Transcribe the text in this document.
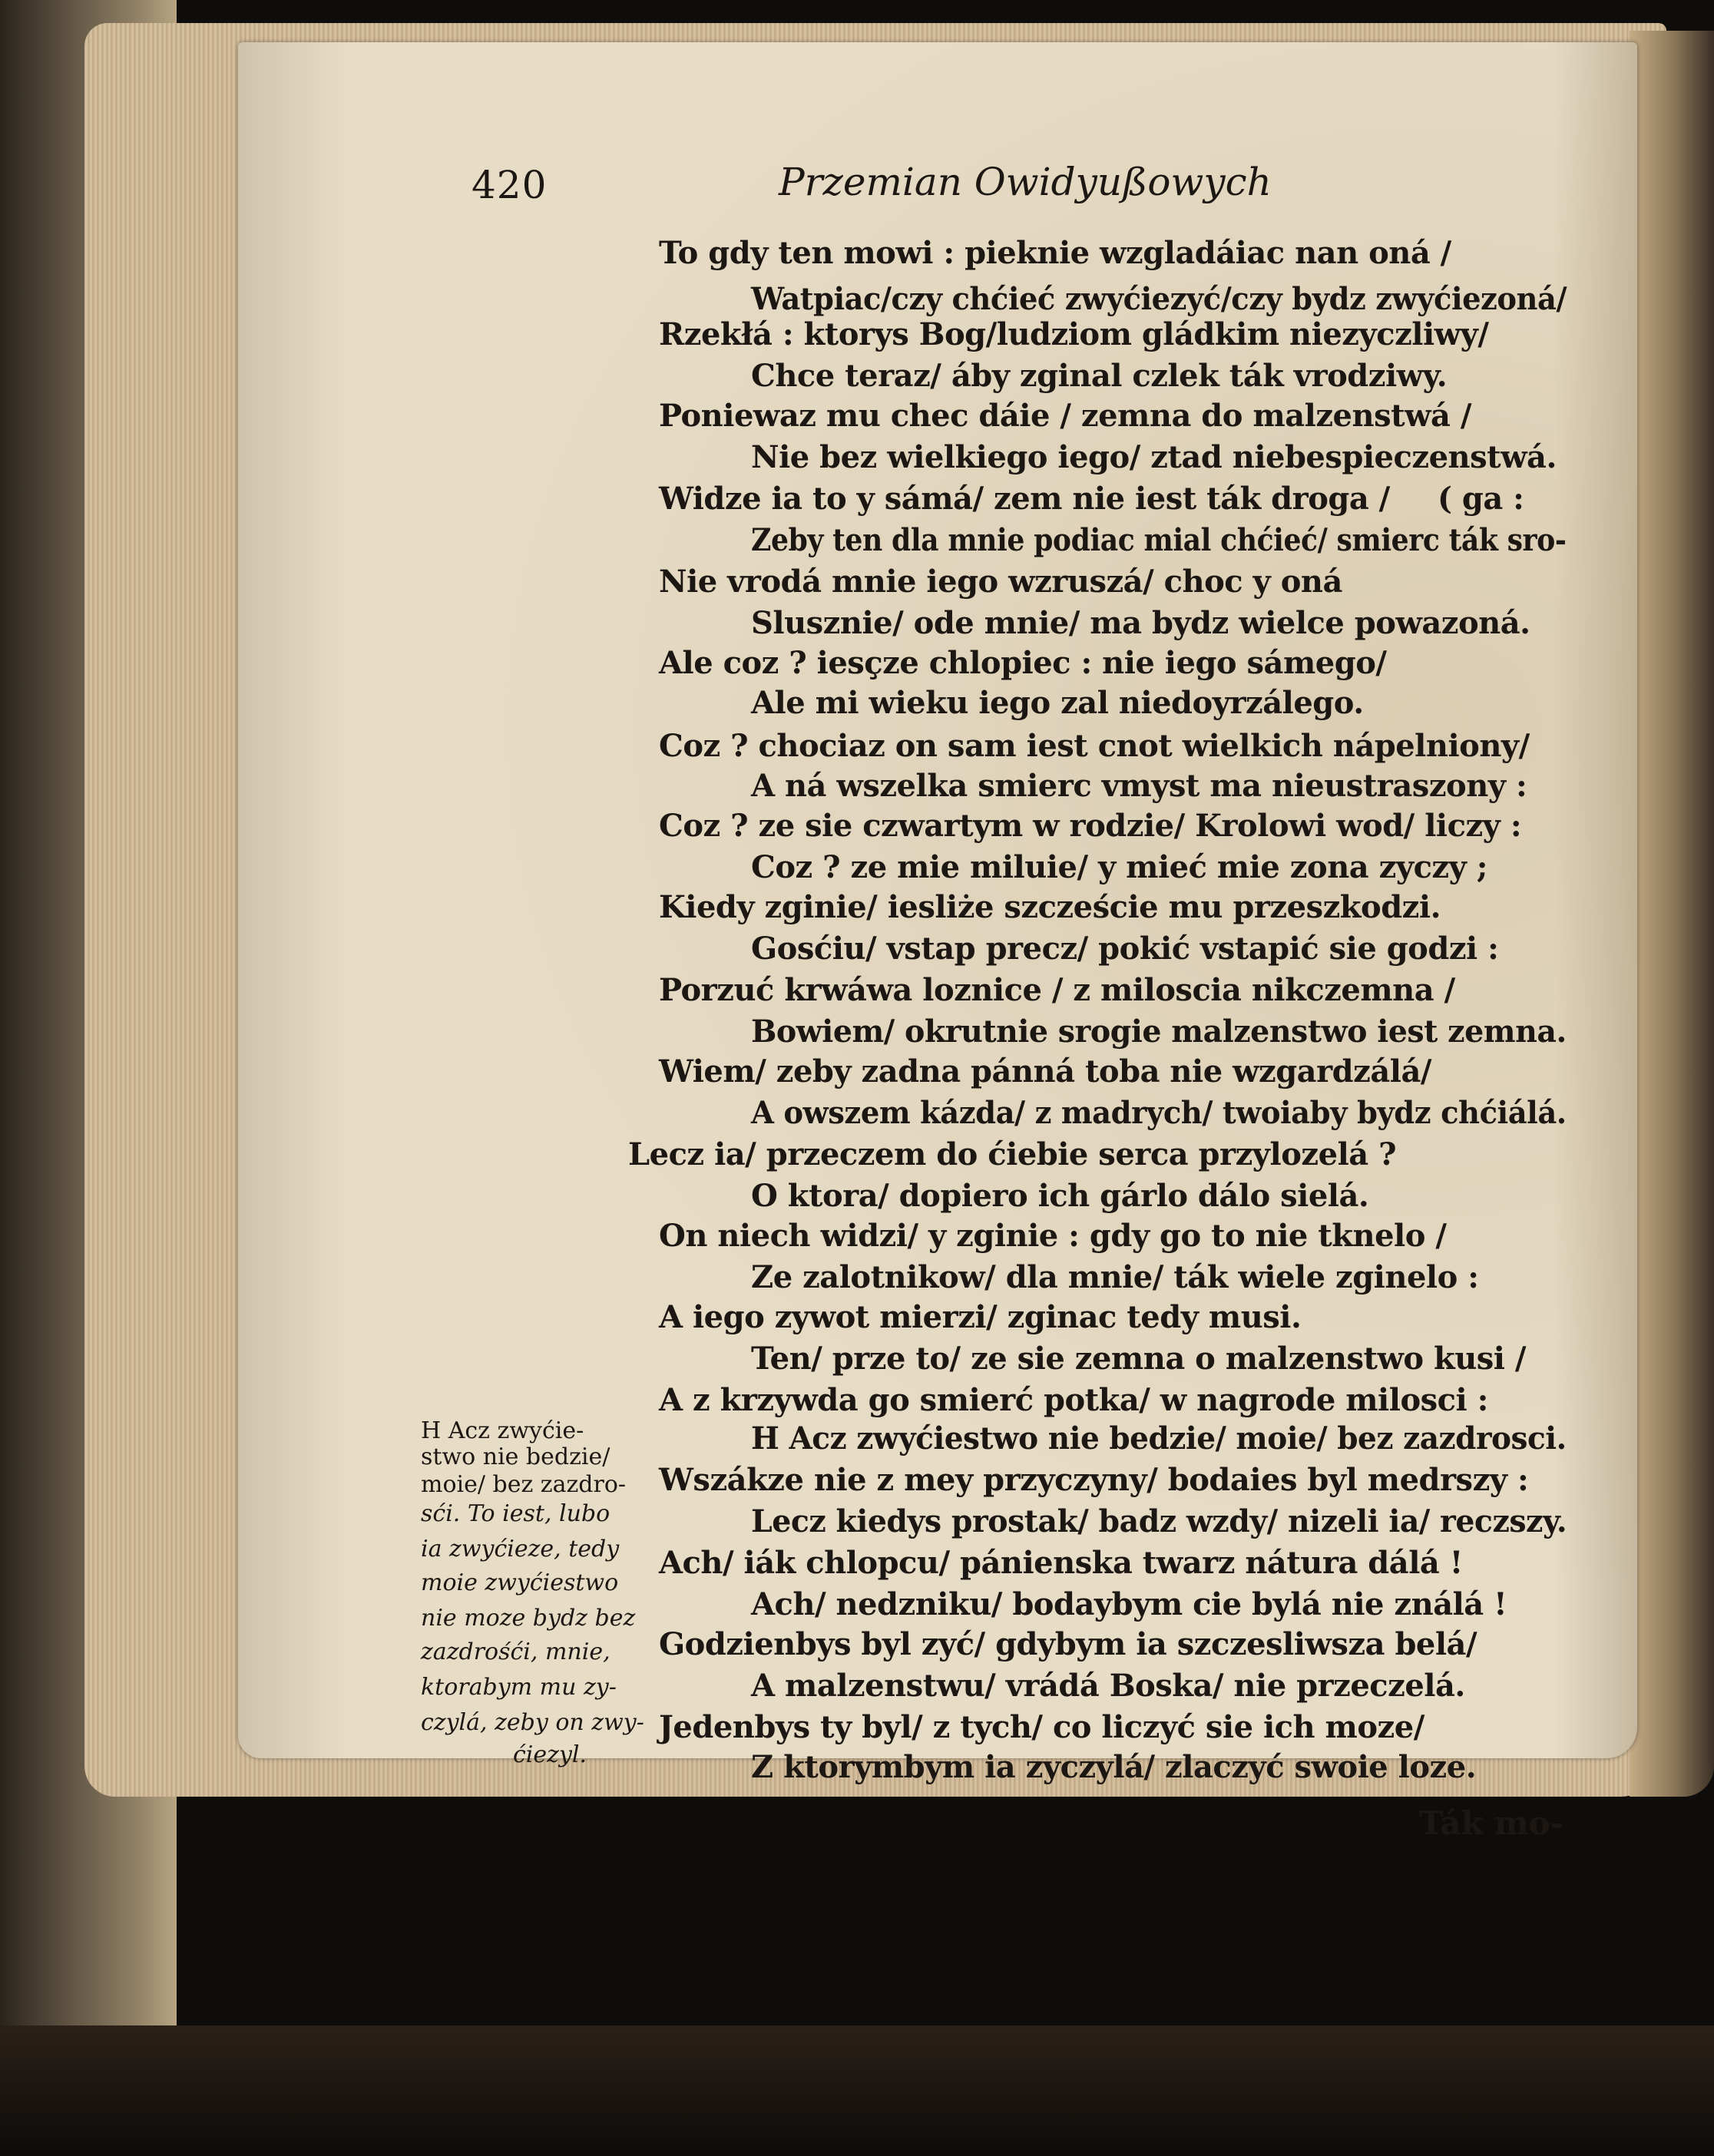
420	Przemian Owidyußowych

To gdy ten mowi : pieknie wzgladáiac nan oná /

Watpiac/czy chćieć zwyćiezyć/czy bydz zwyćiezoná/

Rzekłá : ktorys Bog/ludziom gládkim niezyczliwy/

Chce teraz/ áby zginal czlek ták vrodziwy.

Poniewaz mu chec dáie / zemna do malzenstwá /

Nie bez wielkiego iego/ ztad niebespieczenstwá.

Widze ia to y sámá/ zem nie iest ták droga / ( ga :

Zeby ten dla mnie podiac mial chćieć/ smierc ták sro-

Nie vrodá mnie iego wzruszá/ choc y oná

Slusznie/ ode mnie/ ma bydz wielce powazoná.

Ale coz ? iesçze chlopiec : nie iego sámego/

Ale mi wieku iego zal niedoyrzálego.

Coz ? chociaz on sam iest cnot wielkich nápelniony/

A ná wszelka smierc vmyst ma nieustraszony :

Coz ? ze sie czwartym w rodzie/ Krolowi wod/ liczy :

Coz ? ze mie miluie/ y mieć mie zona zyczy ;

Kiedy zginie/ iesliże szczeście mu przeszkodzi.

Gosćiu/ vstap precz/ pokić vstapić sie godzi :

Porzuć krwáwa loznice / z miloscia nikczemna /

Bowiem/ okrutnie srogie malzenstwo iest zemna.

Wiem/ zeby zadna pánná toba nie wzgardzálá/

A owszem kázda/ z madrych/ twoiaby bydz chćiálá.

Lecz ia/ przeczem do ćiebie serca przylozelá ?

O ktora/ dopiero ich gárlo dálo sielá.

On niech widzi/ y zginie : gdy go to nie tknelo /

Ze zalotnikow/ dla mnie/ ták wiele zginelo :

A iego zywot mierzi/ zginac tedy musi.

Ten/ prze to/ ze sie zemna o malzenstwo kusi /

A z krzywda go smierć potka/ w nagrode milosci :

H Acz zwyćiestwo nie bedzie/ moie/ bez zazdrosci.

Wszákze nie z mey przyczyny/ bodaies byl medrszy :

Lecz kiedys prostak/ badz wzdy/ nizeli ia/ reczszy.

Ach/ iák chlopcu/ pánienska twarz nátura dálá !

Ach/ nedzniku/ bodaybym cie bylá nie ználá !

Godzienbys byl zyć/ gdybym ia szczesliwsza belá/

A malzenstwu/ vrádá Boska/ nie przeczelá.

Jedenbys ty byl/ z tych/ co liczyć sie ich moze/

Z ktorymbym ia zyczylá/ zlaczyć swoie loze.

H Acz zwyćie-

stwo nie bedzie/

moie/ bez zazdro-

sći. To iest, lubo

ia zwyćieze, tedy

moie zwyćiestwo

nie moze bydz bez

zazdrośći, mnie,

ktorabym mu zy-

czylá, zeby on zwy-

ćiezyl.

Ták mo-
